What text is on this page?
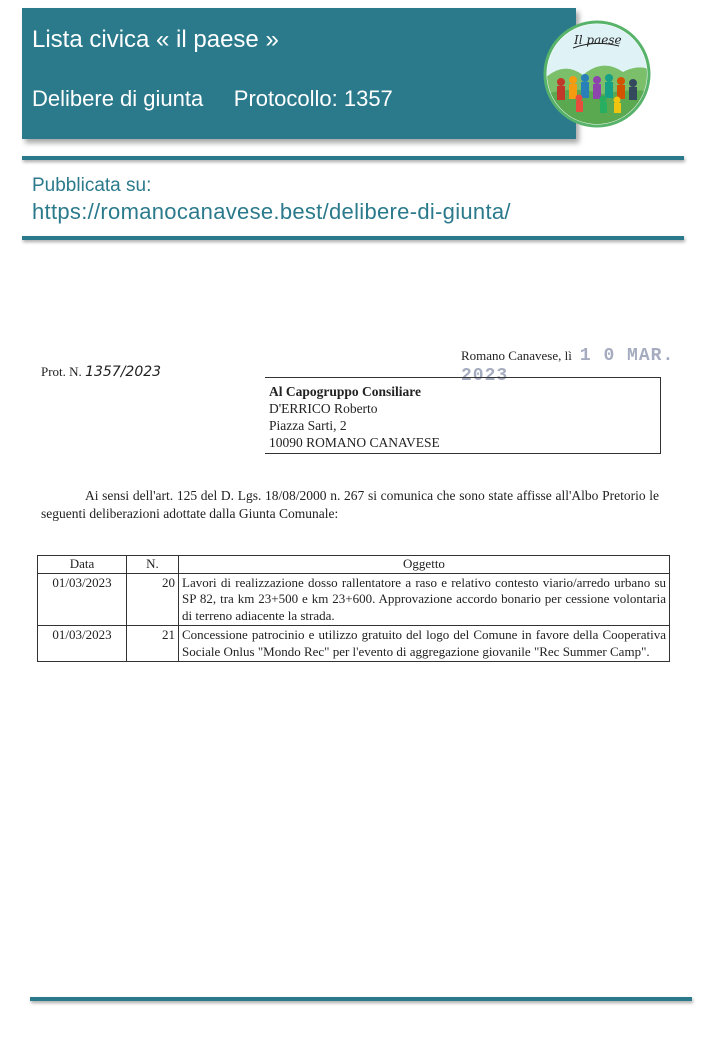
Lista civica « il paese »
Delibere di giunta Protocollo: 1357
Il paese
Pubblicata su:
https://romanocanavese.best/delibere-di-giunta/
Romano Canavese, lì 1 0 MAR. 2023
Prot. N. 1357/2023
Al Capogruppo Consiliare
D'ERRICO Roberto
Piazza Sarti, 2
10090 ROMANO CANAVESE
Ai sensi dell'art. 125 del D. Lgs. 18/08/2000 n. 267 si comunica che sono state affisse all'Albo Pretorio le seguenti deliberazioni adottate dalla Giunta Comunale:
Data	N.	Oggetto
01/03/2023	20	Lavori di realizzazione dosso rallentatore a raso e relativo contesto viario/arredo urbano su SP 82, tra km 23+500 e km 23+600. Approvazione accordo bonario per cessione volontaria di terreno adiacente la strada.
01/03/2023	21	Concessione patrocinio e utilizzo gratuito del logo del Comune in favore della Cooperativa Sociale Onlus "Mondo Rec" per l'evento di aggregazione giovanile "Rec Summer Camp".
